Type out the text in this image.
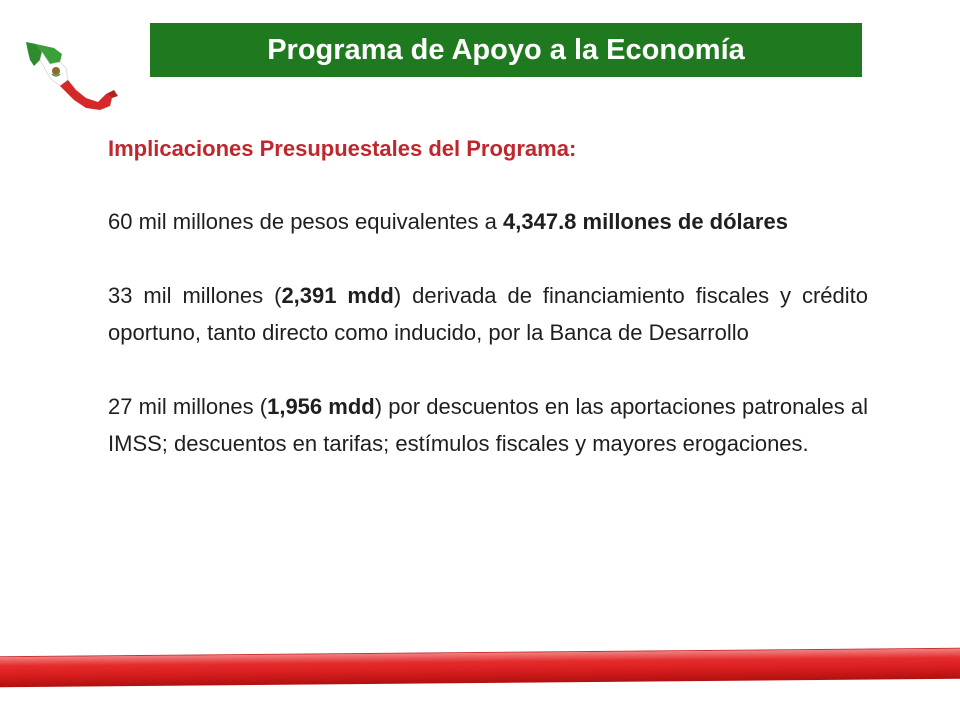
Programa de Apoyo a la Economía

Implicaciones Presupuestales del Programa:

60 mil millones de pesos equivalentes a 4,347.8 millones de dólares

33 mil millones (2,391 mdd) derivada de financiamiento fiscales y crédito oportuno, tanto directo como inducido, por la Banca de Desarrollo

27 mil millones (1,956 mdd) por descuentos en las aportaciones patronales al IMSS; descuentos en tarifas; estímulos fiscales y mayores erogaciones.
